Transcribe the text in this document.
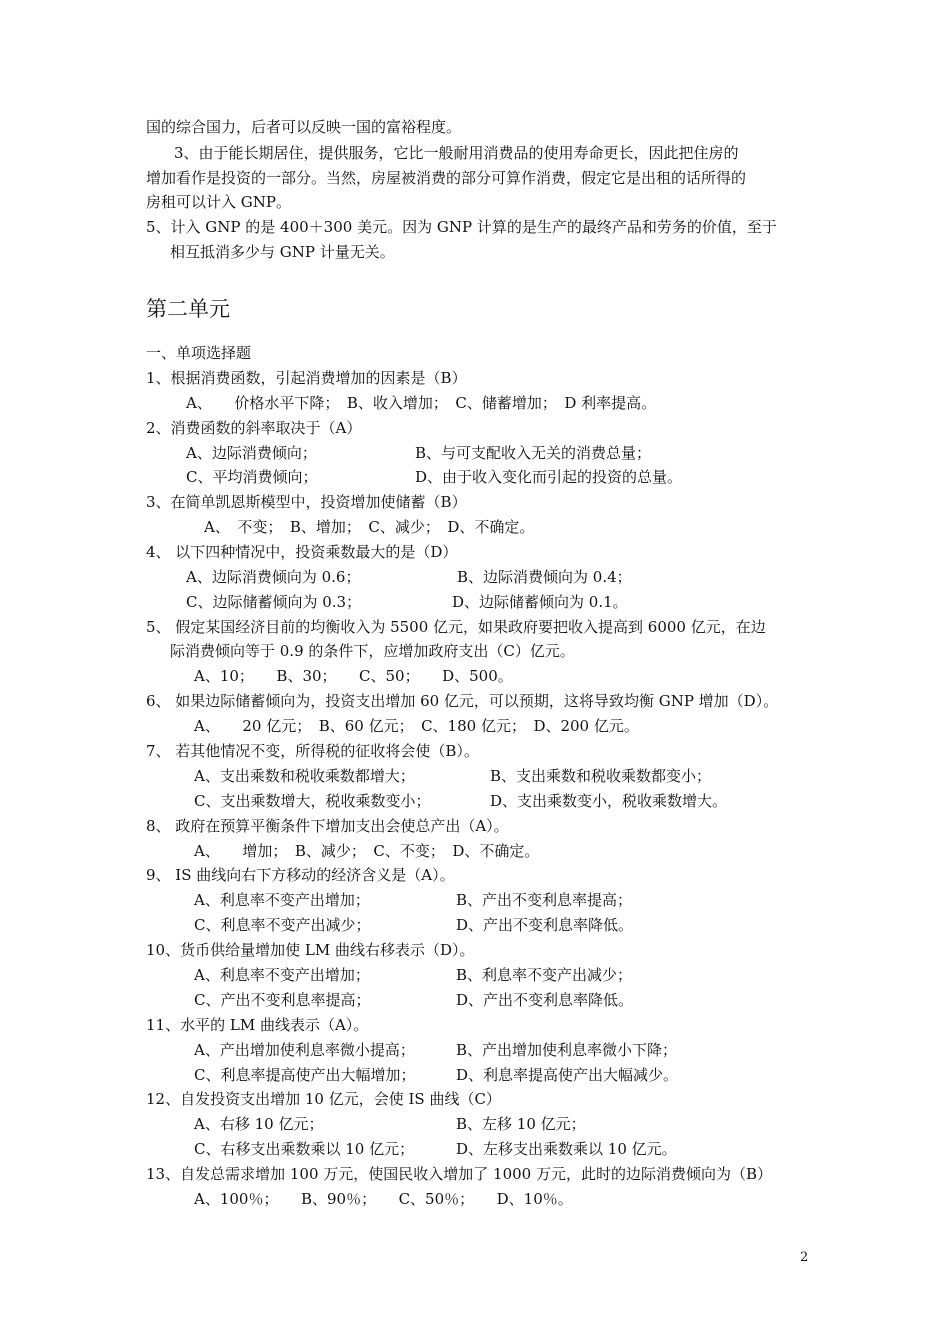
国的综合国力，后者可以反映一国的富裕程度。
3、由于能长期居住，提供服务，它比一般耐用消费品的使用寿命更长，因此把住房的
增加看作是投资的一部分。当然，房屋被消费的部分可算作消费，假定它是出租的话所得的
房租可以计入 GNP。
5、计入 GNP 的是 400＋300 美元。因为 GNP 计算的是生产的最终产品和劳务的价值，至于
相互抵消多少与 GNP 计量无关。
第二单元
一、单项选择题
1、根据消费函数，引起消费增加的因素是（B）
A、　　价格水平下降；　B、收入增加；　C、储蓄增加；　D 利率提高。
2、消费函数的斜率取决于（A）
A、边际消费倾向；	B、与可支配收入无关的消费总量；
C、平均消费倾向；	D、由于收入变化而引起的投资的总量。
3、在简单凯恩斯模型中，投资增加使储蓄（B）
A、　不变；　B、增加；　C、减少；　D、不确定。
4、 以下四种情况中，投资乘数最大的是（D）
A、边际消费倾向为 0.6；	B、边际消费倾向为 0.4；
C、边际储蓄倾向为 0.3；	D、边际储蓄倾向为 0.1。
5、 假定某国经济目前的均衡收入为 5500 亿元，如果政府要把收入提高到 6000 亿元，在边
际消费倾向等于 0.9 的条件下，应增加政府支出（C）亿元。
A、10；　　B、30；　　C、50；　　D、500。
6、 如果边际储蓄倾向为，投资支出增加 60 亿元，可以预期，这将导致均衡 GNP 增加（D）。
A、　　20 亿元；　B、60 亿元；　C、180 亿元；　D、200 亿元。
7、 若其他情况不变，所得税的征收将会使（B）。
A、支出乘数和税收乘数都增大；	B、支出乘数和税收乘数都变小；
C、支出乘数增大，税收乘数变小；	D、支出乘数变小，税收乘数增大。
8、 政府在预算平衡条件下增加支出会使总产出（A）。
A、　　增加；　B、减少；　C、不变；　D、不确定。
9、 IS 曲线向右下方移动的经济含义是（A）。
A、利息率不变产出增加；	B、产出不变利息率提高；
C、利息率不变产出减少；	D、产出不变利息率降低。
10、货币供给量增加使 LM 曲线右移表示（D）。
A、利息率不变产出增加；	B、利息率不变产出减少；
C、产出不变利息率提高；	D、产出不变利息率降低。
11、水平的 LM 曲线表示（A）。
A、产出增加使利息率微小提高；	B、产出增加使利息率微小下降；
C、利息率提高使产出大幅增加；	D、利息率提高使产出大幅减少。
12、自发投资支出增加 10 亿元，会使 IS 曲线（C）
A、右移 10 亿元；	B、左移 10 亿元；
C、右移支出乘数乘以 10 亿元；	D、左移支出乘数乘以 10 亿元。
13、自发总需求增加 100 万元，使国民收入增加了 1000 万元，此时的边际消费倾向为（B）
A、100％；　　B、90％；　　C、50％；　　D、10％。
2
